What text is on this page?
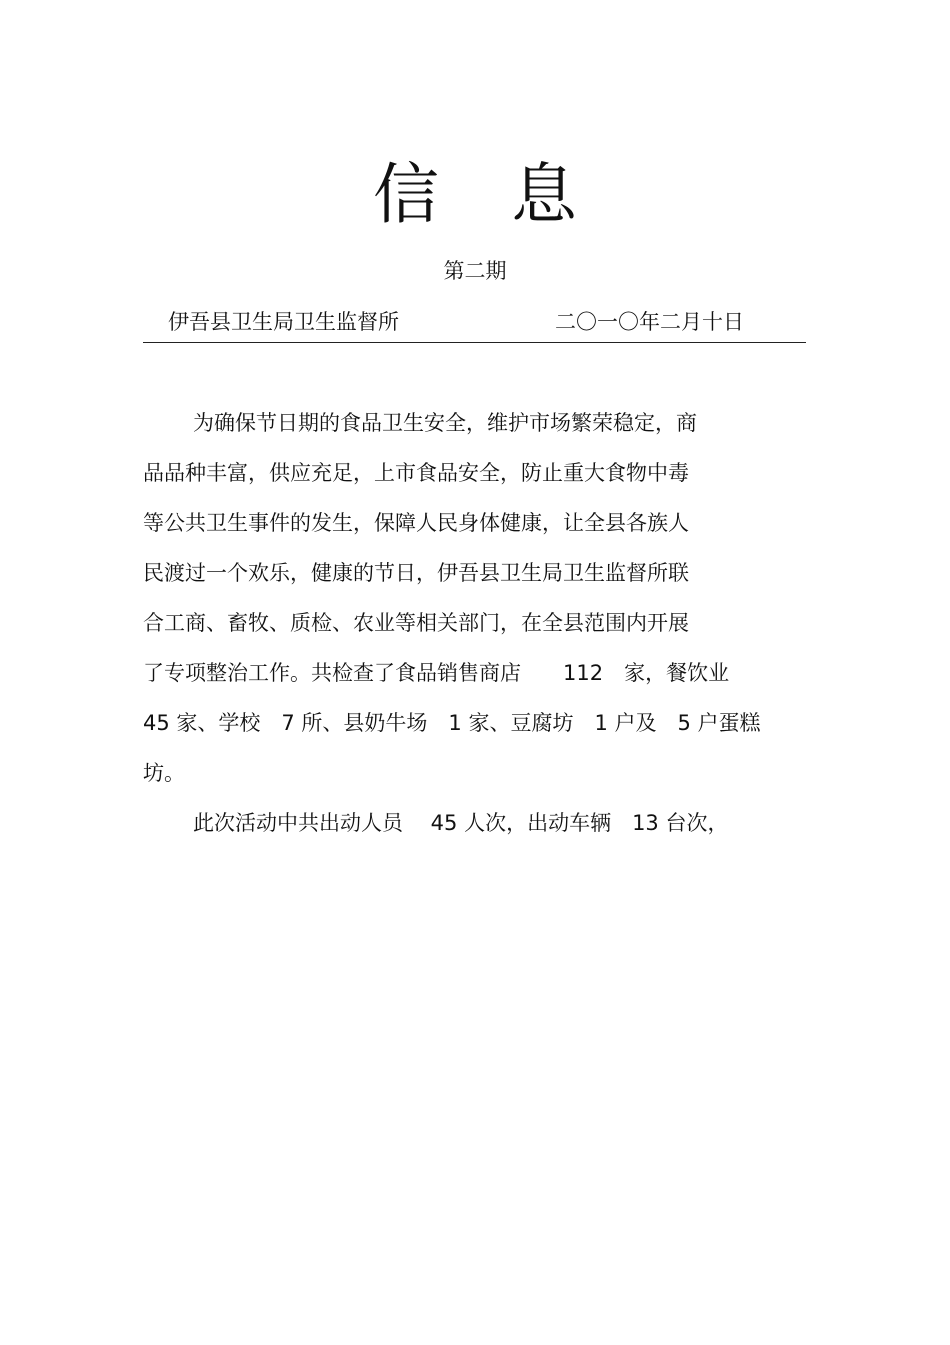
信息
第二期
伊吾县卫生局卫生监督所	二〇一〇年二月十日
为确保节日期的食品卫生安全，维护市场繁荣稳定，商
品品种丰富，供应充足，上市食品安全，防止重大食物中毒
等公共卫生事件的发生，保障人民身体健康，让全县各族人
民渡过一个欢乐，健康的节日，伊吾县卫生局卫生监督所联
合工商、畜牧、质检、农业等相关部门，在全县范围内开展
了专项整治工作。共检查了食品销售商店　　112　家，餐饮业
45 家、学校　7 所、县奶牛场　1 家、豆腐坊　1 户及　5 户蛋糕
坊。
此次活动中共出动人员　 45 人次，出动车辆　13 台次，
